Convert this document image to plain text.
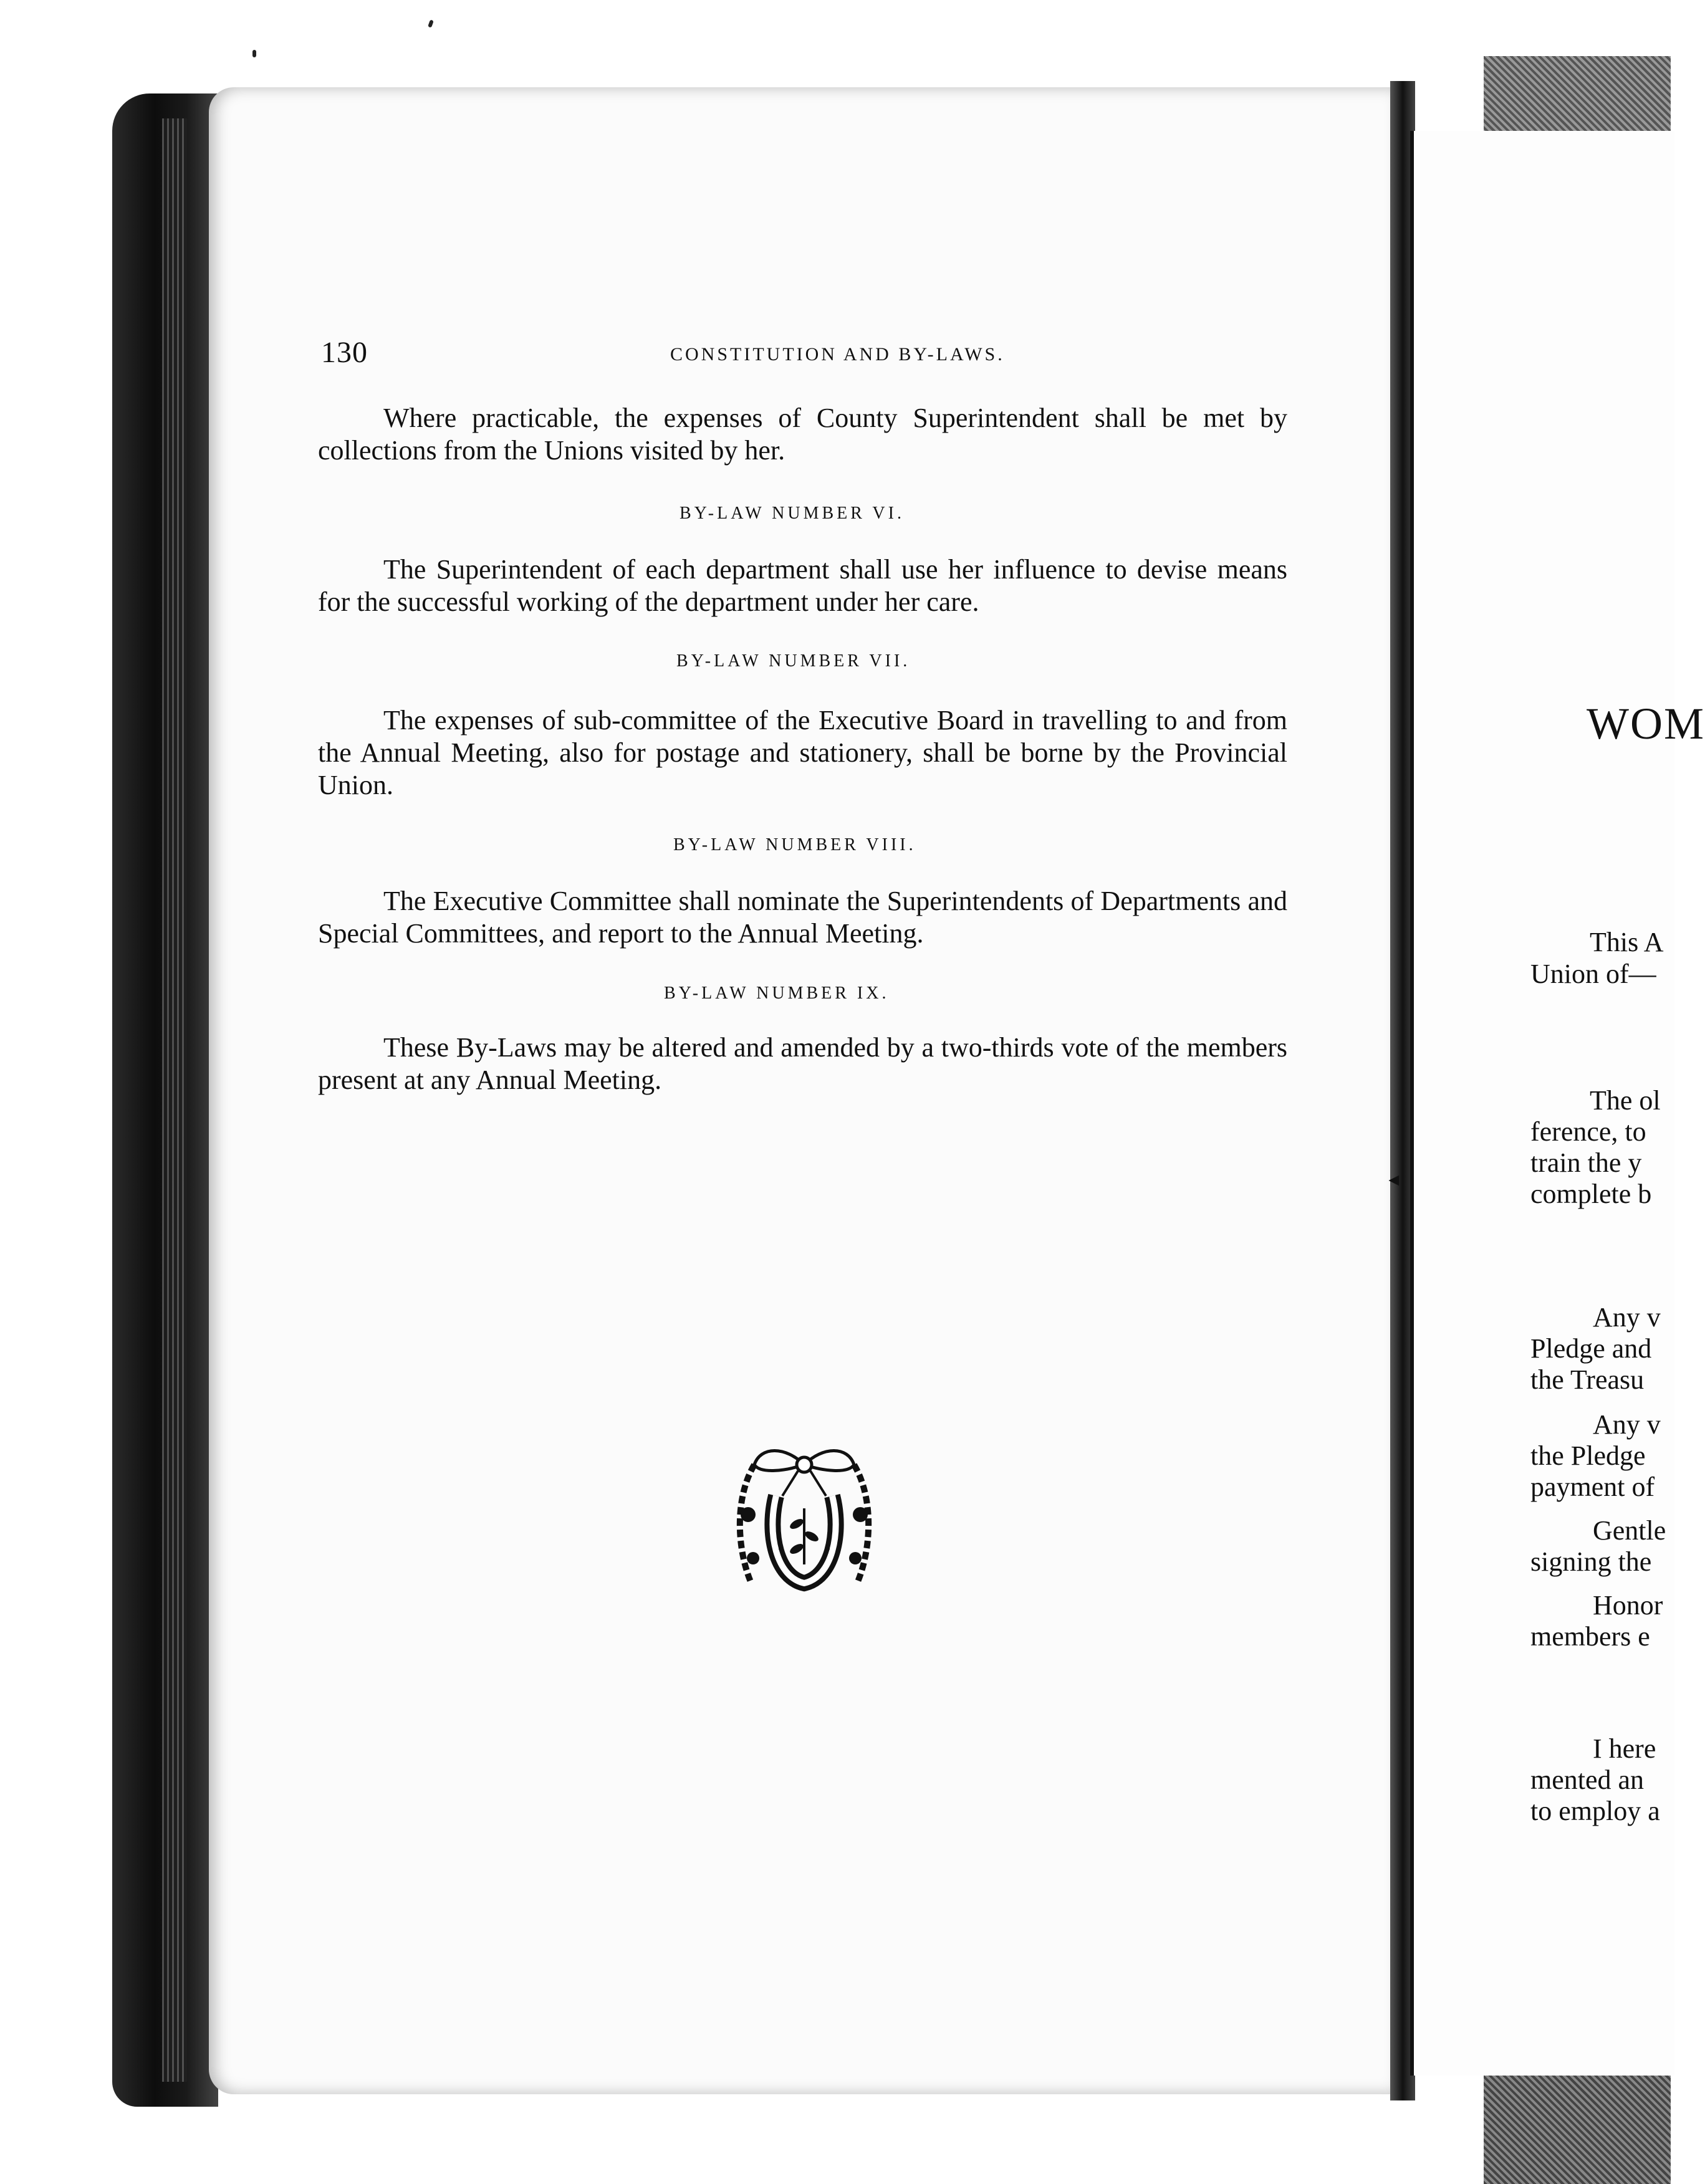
130	CONSTITUTION AND BY-LAWS.

Where practicable, the expenses of County Superintendent shall be met by collections from the Unions visited by her.

BY-LAW NUMBER VI.

The Superintendent of each department shall use her influence to devise means for the successful working of the department under her care.

BY-LAW NUMBER VII.

The expenses of sub-committee of the Executive Board in travelling to and from the Annual Meeting, also for postage and stationery, shall be borne by the Provincial Union.

BY-LAW NUMBER VIII.

The Executive Committee shall nominate the Superintendents of Departments and Special Committees, and report to the Annual Meeting.

BY-LAW NUMBER IX.

These By-Laws may be altered and amended by a two-thirds vote of the members present at any Annual Meeting.

WOM
◄
This A
Union of—
The ol
ference, to
train the y
complete b
Any v
Pledge and
the Treasu
Any v
the Pledge
payment of
Gentle
signing the
Honor
members e
I here
mented an
to employ a
